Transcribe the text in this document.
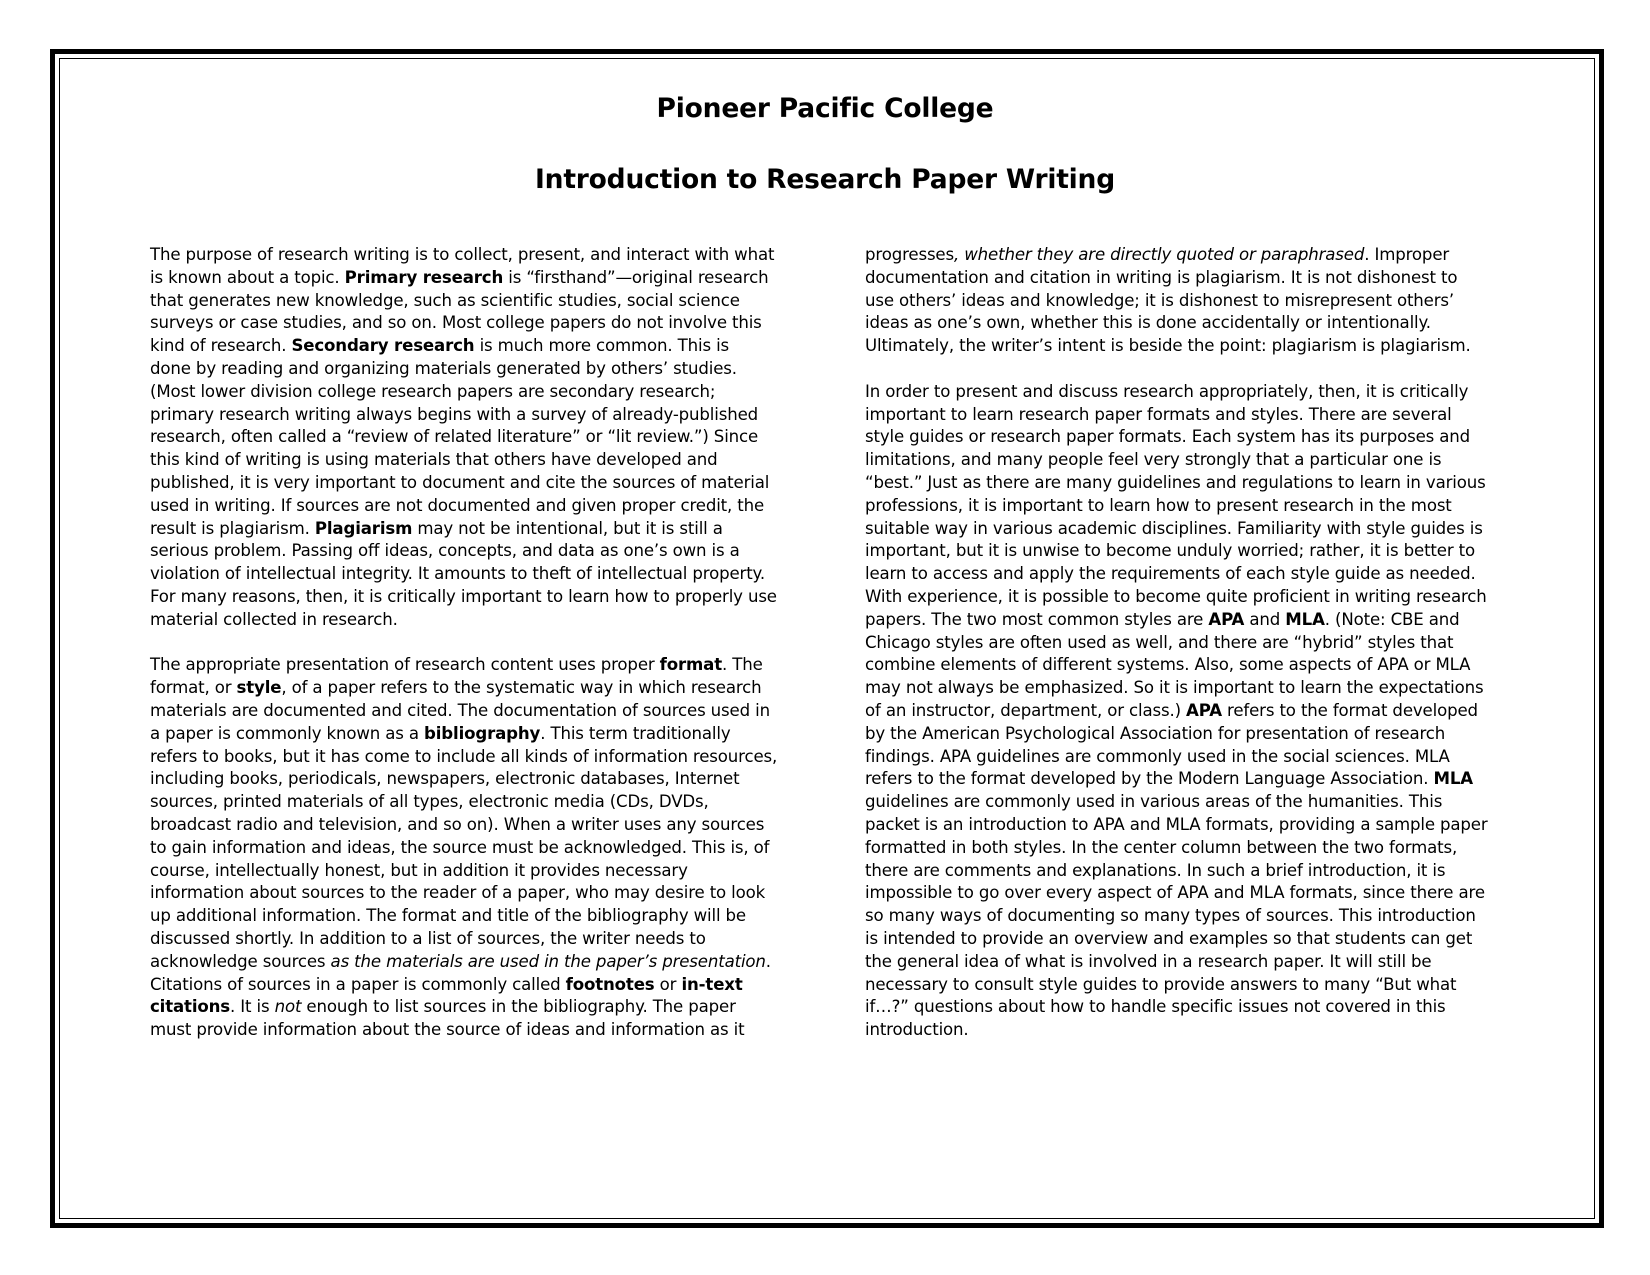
Pioneer Pacific College
Introduction to Research Paper Writing
The purpose of research writing is to collect, present, and interact with what
is known about a topic. Primary research is “firsthand”—original research
that generates new knowledge, such as scientific studies, social science
surveys or case studies, and so on. Most college papers do not involve this
kind of research. Secondary research is much more common. This is
done by reading and organizing materials generated by others’ studies.
(Most lower division college research papers are secondary research;
primary research writing always begins with a survey of already-published
research, often called a “review of related literature” or “lit review.”) Since
this kind of writing is using materials that others have developed and
published, it is very important to document and cite the sources of material
used in writing. If sources are not documented and given proper credit, the
result is plagiarism. Plagiarism may not be intentional, but it is still a
serious problem. Passing off ideas, concepts, and data as one’s own is a
violation of intellectual integrity. It amounts to theft of intellectual property.
For many reasons, then, it is critically important to learn how to properly use
material collected in research.
The appropriate presentation of research content uses proper format. The
format, or style, of a paper refers to the systematic way in which research
materials are documented and cited. The documentation of sources used in
a paper is commonly known as a bibliography. This term traditionally
refers to books, but it has come to include all kinds of information resources,
including books, periodicals, newspapers, electronic databases, Internet
sources, printed materials of all types, electronic media (CDs, DVDs,
broadcast radio and television, and so on). When a writer uses any sources
to gain information and ideas, the source must be acknowledged. This is, of
course, intellectually honest, but in addition it provides necessary
information about sources to the reader of a paper, who may desire to look
up additional information. The format and title of the bibliography will be
discussed shortly. In addition to a list of sources, the writer needs to
acknowledge sources as the materials are used in the paper’s presentation.
Citations of sources in a paper is commonly called footnotes or in-text
citations. It is not enough to list sources in the bibliography. The paper
must provide information about the source of ideas and information as it
progresses, whether they are directly quoted or paraphrased. Improper
documentation and citation in writing is plagiarism. It is not dishonest to
use others’ ideas and knowledge; it is dishonest to misrepresent others’
ideas as one’s own, whether this is done accidentally or intentionally.
Ultimately, the writer’s intent is beside the point: plagiarism is plagiarism.
In order to present and discuss research appropriately, then, it is critically
important to learn research paper formats and styles. There are several
style guides or research paper formats. Each system has its purposes and
limitations, and many people feel very strongly that a particular one is
“best.” Just as there are many guidelines and regulations to learn in various
professions, it is important to learn how to present research in the most
suitable way in various academic disciplines. Familiarity with style guides is
important, but it is unwise to become unduly worried; rather, it is better to
learn to access and apply the requirements of each style guide as needed.
With experience, it is possible to become quite proficient in writing research
papers. The two most common styles are APA and MLA. (Note: CBE and
Chicago styles are often used as well, and there are “hybrid” styles that
combine elements of different systems. Also, some aspects of APA or MLA
may not always be emphasized. So it is important to learn the expectations
of an instructor, department, or class.) APA refers to the format developed
by the American Psychological Association for presentation of research
findings. APA guidelines are commonly used in the social sciences. MLA
refers to the format developed by the Modern Language Association. MLA
guidelines are commonly used in various areas of the humanities. This
packet is an introduction to APA and MLA formats, providing a sample paper
formatted in both styles. In the center column between the two formats,
there are comments and explanations. In such a brief introduction, it is
impossible to go over every aspect of APA and MLA formats, since there are
so many ways of documenting so many types of sources. This introduction
is intended to provide an overview and examples so that students can get
the general idea of what is involved in a research paper. It will still be
necessary to consult style guides to provide answers to many “But what
if…?” questions about how to handle specific issues not covered in this
introduction.
